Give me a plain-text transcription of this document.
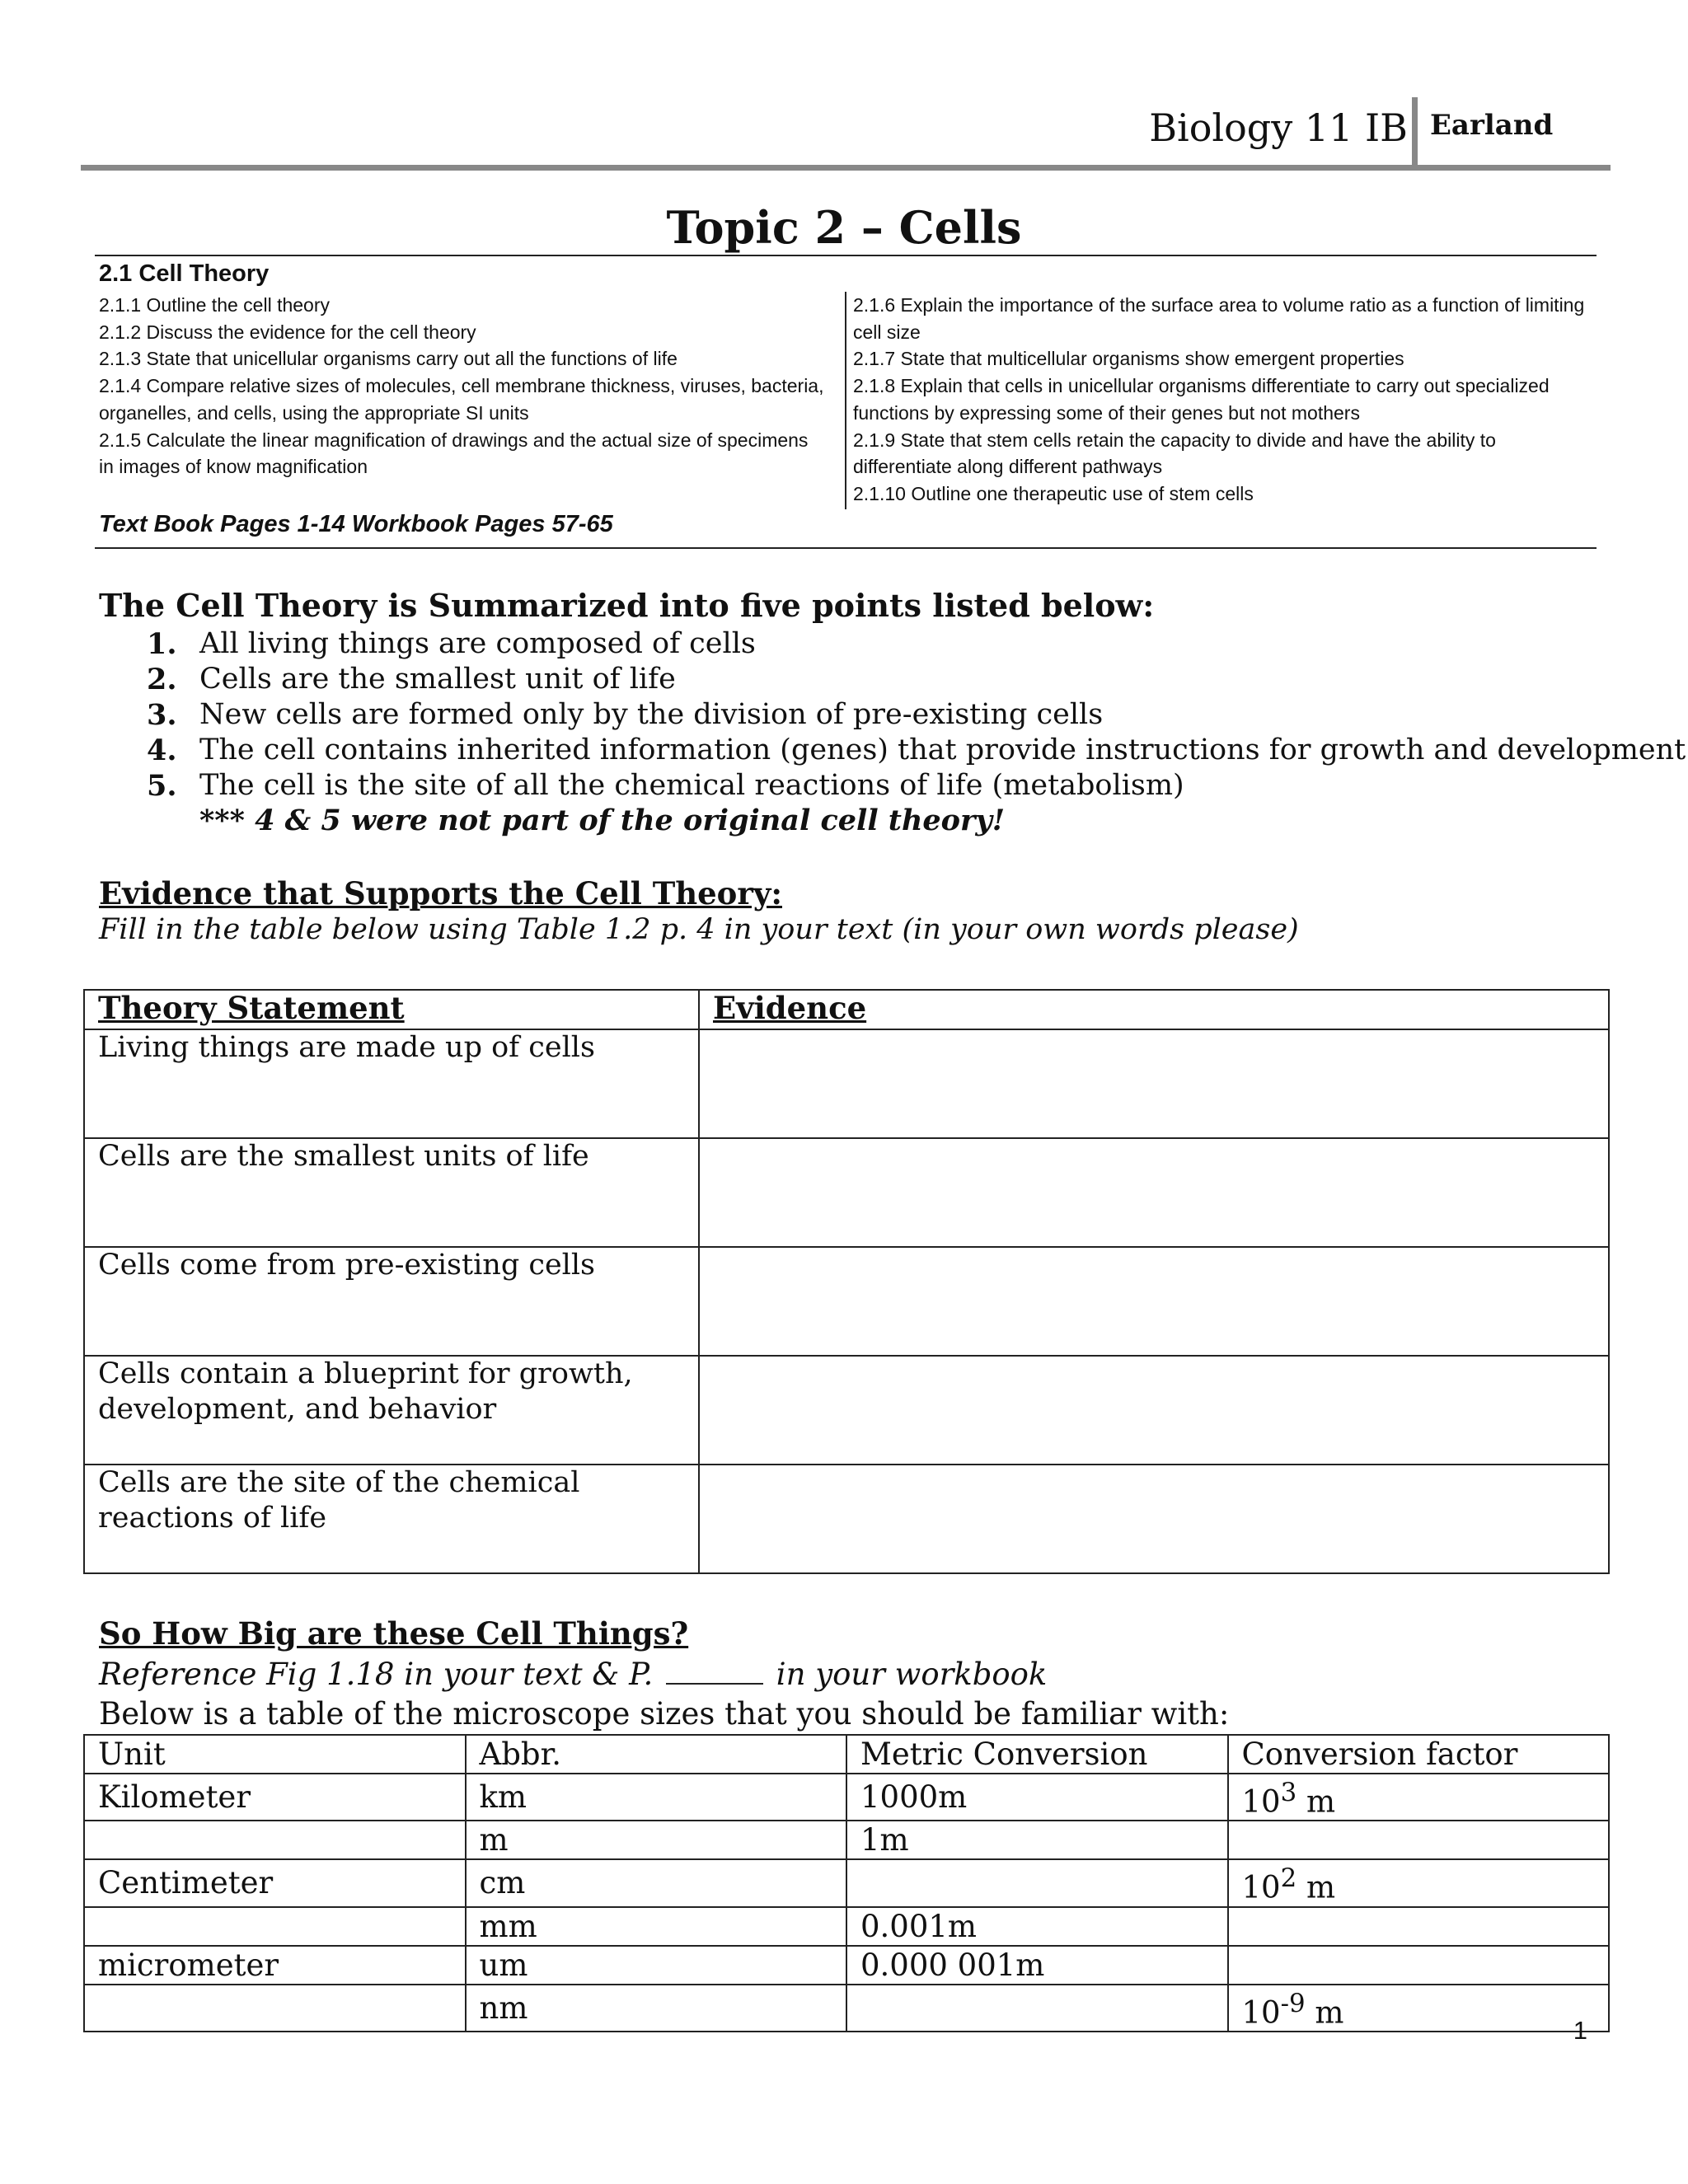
Biology 11 IB Earland
Topic 2 – Cells
2.1 Cell Theory
2.1.1 Outline the cell theory
2.1.2 Discuss the evidence for the cell theory
2.1.3 State that unicellular organisms carry out all the functions of life
2.1.4 Compare relative sizes of molecules, cell membrane thickness, viruses, bacteria, organelles, and cells, using the appropriate SI units
2.1.5 Calculate the linear magnification of drawings and the actual size of specimens in images of know magnification
2.1.6 Explain the importance of the surface area to volume ratio as a function of limiting cell size
2.1.7 State that multicellular organisms show emergent properties
2.1.8 Explain that cells in unicellular organisms differentiate to carry out specialized functions by expressing some of their genes but not mothers
2.1.9 State that stem cells retain the capacity to divide and have the ability to differentiate along different pathways
2.1.10 Outline one therapeutic use of stem cells
Text Book Pages 1-14 Workbook Pages 57-65
The Cell Theory is Summarized into five points listed below:
1. All living things are composed of cells
2. Cells are the smallest unit of life
3. New cells are formed only by the division of pre-existing cells
4. The cell contains inherited information (genes) that provide instructions for growth and development
5. The cell is the site of all the chemical reactions of life (metabolism)
*** 4 & 5 were not part of the original cell theory!
Evidence that Supports the Cell Theory:
Fill in the table below using Table 1.2 p. 4 in your text (in your own words please)
Theory Statement	Evidence
Living things are made up of cells	
Cells are the smallest units of life	
Cells come from pre-existing cells	
Cells contain a blueprint for growth, development, and behavior	
Cells are the site of the chemical reactions of life	
So How Big are these Cell Things?
Reference Fig 1.18 in your text & P.	in your workbook
Below is a table of the microscope sizes that you should be familiar with:
Unit	Abbr.	Metric Conversion	Conversion factor
Kilometer	km	1000m	$10^3$ m
	m	1m	
Centimeter	cm		$10^2$ m
	mm	0.001m	
micrometer	um	0.000 001m	
	nm		$10^{-9}$ m
1
